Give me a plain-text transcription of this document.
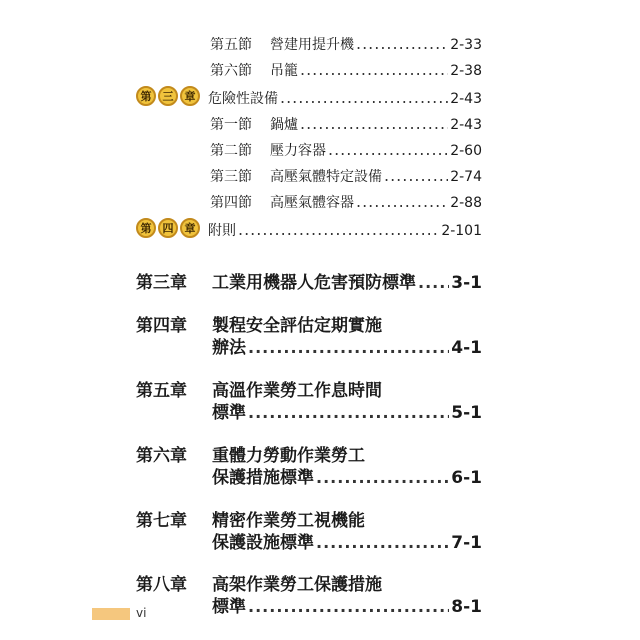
第五節	營建用提升機 .....	2-33
第六節	吊籠 .....	2-38
第	三	章 危險性設備 .....	2-43
第一節	鍋爐 .....	2-43
第二節	壓力容器 .....	2-60
第三節	高壓氣體特定設備 .....	2-74
第四節	高壓氣體容器 .....	2-88
第	四	章 附則 .....	2-101
第三章 工業用機器人危害預防標準 ..... 3-1
第四章 製程安全評估定期實施
辦法 .....	4-1
第五章 高溫作業勞工作息時間
標準 .....	5-1
第六章 重體力勞動作業勞工
保護措施標準 .....	6-1
第七章 精密作業勞工視機能
保護設施標準 .....	7-1
第八章 高架作業勞工保護措施
標準 .....	8-1
vi
